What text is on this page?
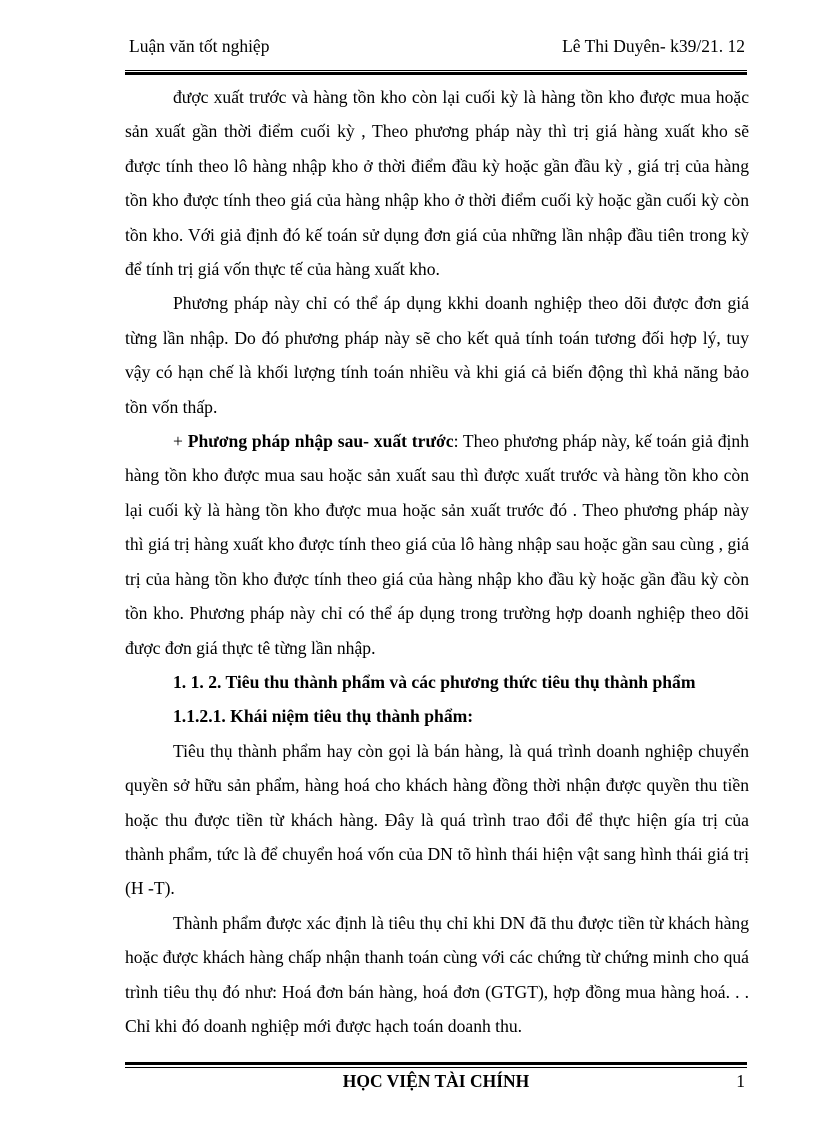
Luận văn tốt nghiệp	Lê Thi Duyên- k39/21. 12

được xuất trước và hàng tồn kho còn lại cuối kỳ là hàng tồn kho được mua hoặc sản xuất gần thời điểm cuối kỳ , Theo phương pháp này thì trị giá hàng xuất kho sẽ được tính theo lô hàng nhập kho ở thời điểm đầu kỳ hoặc gần đầu kỳ , giá trị của hàng tồn kho được tính theo giá của hàng nhập kho ở thời điểm cuối kỳ hoặc gần cuối kỳ còn tồn kho. Với giả định đó kế toán sử dụng đơn giá của những lần nhập đầu tiên trong kỳ để tính trị giá vốn thực tế của hàng xuất kho.

Phương pháp này chỉ có thể áp dụng kkhi doanh nghiệp theo dõi được đơn giá từng lần nhập. Do đó phương pháp này sẽ cho kết quả tính toán tương đối hợp lý, tuy vậy có hạn chế là khối lượng tính toán nhiều và khi giá cả biến động thì khả năng bảo tồn vốn thấp.

+ Phương pháp nhập sau- xuất trước: Theo phương pháp này, kế toán giả định hàng tồn kho được mua sau hoặc sản xuất sau thì được xuất trước và hàng tồn kho còn lại cuối kỳ là hàng tồn kho được mua hoặc sản xuất trước đó . Theo phương pháp này thì giá trị hàng xuất kho được tính theo giá của lô hàng nhập sau hoặc gần sau cùng , giá trị của hàng tồn kho được tính theo giá của hàng nhập kho đầu kỳ hoặc gần đầu kỳ còn tồn kho. Phương pháp này chỉ có thể áp dụng trong trường hợp doanh nghiệp theo dõi được đơn giá thực tê từng lần nhập.

1. 1. 2. Tiêu thu thành phẩm và các phương thức tiêu thụ thành phẩm

1.1.2.1. Khái niệm tiêu thụ thành phẩm:

Tiêu thụ thành phẩm hay còn gọi là bán hàng, là quá trình doanh nghiệp chuyển quyền sở hữu sản phẩm, hàng hoá cho khách hàng đồng thời nhận được quyền thu tiền hoặc thu được tiền từ khách hàng. Đây là quá trình trao đổi để thực hiện gía trị của thành phẩm, tức là để chuyển hoá vốn của DN tõ hình thái hiện vật sang hình thái giá trị (H -T).

Thành phẩm được xác định là tiêu thụ chỉ khi DN đã thu được tiền từ khách hàng hoặc được khách hàng chấp nhận thanh toán cùng với các chứng từ chứng minh cho quá trình tiêu thụ đó như: Hoá đơn bán hàng, hoá đơn (GTGT), hợp đồng mua hàng hoá. . . Chỉ khi đó doanh nghiệp mới được hạch toán doanh thu.

HỌC VIỆN TÀI CHÍNH	1
